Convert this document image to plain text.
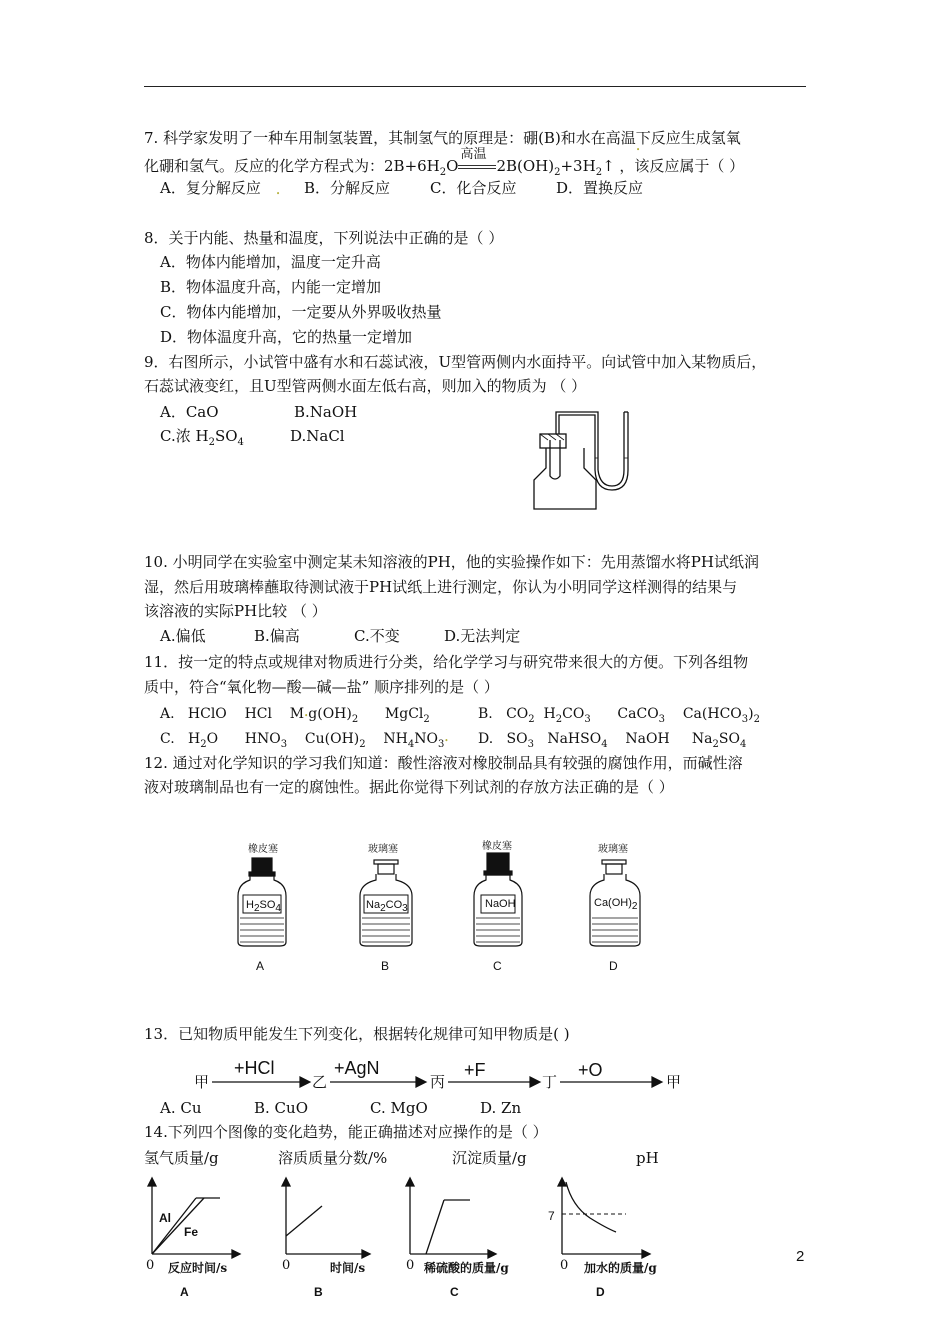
7. 科学家发明了一种车用制氢装置，其制氢气的原理是：硼(B)和水在高温下反应生成氢氧
•
化硼和氢气。反应的化学方程式为：$2B+6H_2O$
高温
$2B(OH)_2+3H_2↑$ ，该反应属于（ ）
A．复分解反应 • B．分解反应	C．化合反应	D．置换反应
8．关于内能、热量和温度，下列说法中正确的是（ ）
A．物体内能增加，温度一定升高
B．物体温度升高，内能一定增加
C．物体内能增加，一定要从外界吸收热量
D．物体温度升高，它的热量一定增加
9．右图所示，小试管中盛有水和石蕊试液，U型管两侧内水面持平。向试管中加入某物质后，
石蕊试液变红，且U型管两侧水面左低右高，则加入的物质为 （ ）
A．CaO	B.NaOH
C.浓 $H_2SO_4$	D.NaCl
10. 小明同学在实验室中测定某未知溶液的PH，他的实验操作如下：先用蒸馏水将PH试纸润
湿，然后用玻璃棒蘸取待测试液于PH试纸上进行测定，你认为小明同学这样测得的结果与
该溶液的实际PH比较 （ ）
A.偏低	B.偏高	C.不变	D.无法判定
11．按一定的特点或规律对物质进行分类，给化学学习与研究带来很大的方便。下列各组物
质中，符合“氧化物—酸—碱—盐” 顺序排列的是（ ）
A.   HClO    HCl    $M•g(OH)_2$      MgCl$_2$	B.   $CO_2$  $H_2CO_3$      CaCO$_3$    $Ca(HCO_3)_2$
C.   $H_2O$      $HNO_3$    $Cu(OH)_2$    $NH_4NO_3•$ D.   $SO_3$   NaHSO$_4$    NaOH     $Na_2SO_4$
12. 通过对化学知识的学习我们知道：酸性溶液对橡胶制品具有较强的腐蚀作用，而碱性溶
液对玻璃制品也有一定的腐蚀性。据此你觉得下列试剂的存放方法正确的是（ ）
橡皮塞	玻璃塞	橡皮塞	玻璃塞
$H_2SO_4$	$Na_2CO_3$	NaOH	$Ca(OH)_2$
A	B	C	D
13．已知物质甲能发生下列变化，根据转化规律可知甲物质是( )
甲	乙	丙	丁	甲
+HCl	+AgN	+F	+O
A. Cu	B. CuO	C. MgO	D. Zn
14.下列四个图像的变化趋势，能正确描述对应操作的是（ ）
氢气质量/g	溶质质量分数/%	沉淀质量/g	pH
Al
Fe
7
0 反应时间/s	0	时间/s	0 稀硫酸的质量/g	0 加水的质量/g
A	B	C	D
2
